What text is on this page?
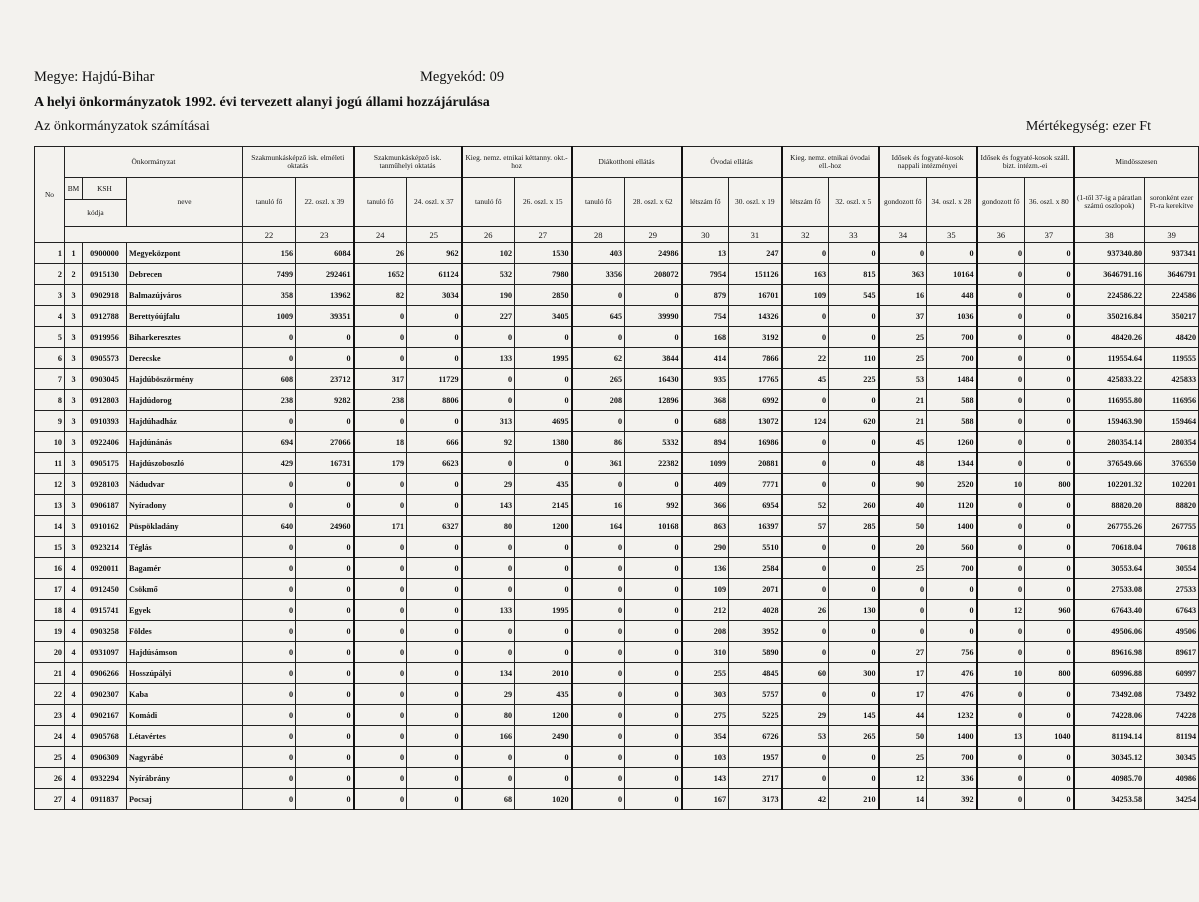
Megye: Hajdú-Bihar	Megyekód: 09
A helyi önkormányzatok 1992. évi tervezett alanyi jogú állami hozzájárulása
Az önkormányzatok számításai	Mértékegység: ezer Ft
No	Önkormányzat			Szakmunkásképző isk. elméleti oktatás		Szakmunkásképző isk. tanműhelyi oktatás		Kieg. nemz. etnikai kéttanny. okt.-hoz		Diákotthoni ellátás		Óvodai ellátás		Kieg. nemz. etnikai óvodai ell.-hoz		Idősek és fogyaté-kosok nappali intézményei		Idősek és fogyaté-kosok száll. bizt. intézm.-ei		Mindösszesen	
	BM	KSH	neve	tanuló fő	22. oszl. x 39	tanuló fő	24. oszl. x 37	tanuló fő	26. oszl. x 15	tanuló fő	28. oszl. x 62	létszám fő	30. oszl. x 19	létszám fő	32. oszl. x 5	gondozott fő	34. oszl. x 28	gondozott fő	36. oszl. x 80	(1-től 37-ig a páratlan számú oszlopok)	soronként ezer Ft-ra kerekítve
	kódja																				
				22	23	24	25	26	27	28	29	30	31	32	33	34	35	36	37	38	39
1	1	0900000	Megyeközpont	156	6084	26	962	102	1530	403	24986	13	247	0	0	0	0	0	0	937340.80	937341
2	2	0915130	Debrecen	7499	292461	1652	61124	532	7980	3356	208072	7954	151126	163	815	363	10164	0	0	3646791.16	3646791
3	3	0902918	Balmazújváros	358	13962	82	3034	190	2850	0	0	879	16701	109	545	16	448	0	0	224586.22	224586
4	3	0912788	Berettyóújfalu	1009	39351	0	0	227	3405	645	39990	754	14326	0	0	37	1036	0	0	350216.84	350217
5	3	0919956	Biharkeresztes	0	0	0	0	0	0	0	0	168	3192	0	0	25	700	0	0	48420.26	48420
6	3	0905573	Derecske	0	0	0	0	133	1995	62	3844	414	7866	22	110	25	700	0	0	119554.64	119555
7	3	0903045	Hajdúböszörmény	608	23712	317	11729	0	0	265	16430	935	17765	45	225	53	1484	0	0	425833.22	425833
8	3	0912803	Hajdúdorog	238	9282	238	8806	0	0	208	12896	368	6992	0	0	21	588	0	0	116955.80	116956
9	3	0910393	Hajdúhadház	0	0	0	0	313	4695	0	0	688	13072	124	620	21	588	0	0	159463.90	159464
10	3	0922406	Hajdúnánás	694	27066	18	666	92	1380	86	5332	894	16986	0	0	45	1260	0	0	280354.14	280354
11	3	0905175	Hajdúszoboszló	429	16731	179	6623	0	0	361	22382	1099	20881	0	0	48	1344	0	0	376549.66	376550
12	3	0928103	Nádudvar	0	0	0	0	29	435	0	0	409	7771	0	0	90	2520	10	800	102201.32	102201
13	3	0906187	Nyíradony	0	0	0	0	143	2145	16	992	366	6954	52	260	40	1120	0	0	88820.20	88820
14	3	0910162	Püspökladány	640	24960	171	6327	80	1200	164	10168	863	16397	57	285	50	1400	0	0	267755.26	267755
15	3	0923214	Téglás	0	0	0	0	0	0	0	0	290	5510	0	0	20	560	0	0	70618.04	70618
16	4	0920011	Bagamér	0	0	0	0	0	0	0	0	136	2584	0	0	25	700	0	0	30553.64	30554
17	4	0912450	Csökmő	0	0	0	0	0	0	0	0	109	2071	0	0	0	0	0	0	27533.08	27533
18	4	0915741	Egyek	0	0	0	0	133	1995	0	0	212	4028	26	130	0	0	12	960	67643.40	67643
19	4	0903258	Földes	0	0	0	0	0	0	0	0	208	3952	0	0	0	0	0	0	49506.06	49506
20	4	0931097	Hajdúsámson	0	0	0	0	0	0	0	0	310	5890	0	0	27	756	0	0	89616.98	89617
21	4	0906266	Hosszúpályi	0	0	0	0	134	2010	0	0	255	4845	60	300	17	476	10	800	60996.88	60997
22	4	0902307	Kaba	0	0	0	0	29	435	0	0	303	5757	0	0	17	476	0	0	73492.08	73492
23	4	0902167	Komádi	0	0	0	0	80	1200	0	0	275	5225	29	145	44	1232	0	0	74228.06	74228
24	4	0905768	Létavértes	0	0	0	0	166	2490	0	0	354	6726	53	265	50	1400	13	1040	81194.14	81194
25	4	0906309	Nagyrábé	0	0	0	0	0	0	0	0	103	1957	0	0	25	700	0	0	30345.12	30345
26	4	0932294	Nyírábrány	0	0	0	0	0	0	0	0	143	2717	0	0	12	336	0	0	40985.70	40986
27	4	0911837	Pocsaj	0	0	0	0	68	1020	0	0	167	3173	42	210	14	392	0	0	34253.58	34254
